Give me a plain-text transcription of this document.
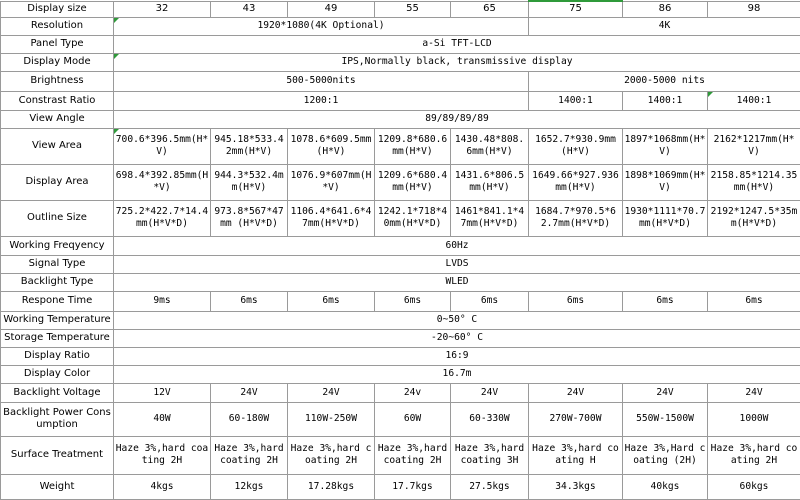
Display size	32	43	49	55	65	75	86	98
Resolution	1920*1080(4K Optional)					4K		
Panel Type	a-Si TFT-LCD							
Display Mode	IPS,Normally black, transmissive display							
Brightness	500-5000nits					2000-5000 nits		
Constrast Ratio	1200:1					1400:1	1400:1	1400:1
View Angle	89/89/89/89							
View Area	700.6*396.5mm(H*V)	945.18*533.42mm(H*V)	1078.6*609.5mm(H*V)	1209.8*680.6mm(H*V)	1430.48*808.6mm(H*V)	1652.7*930.9mm(H*V)	1897*1068mm(H*V)	2162*1217mm(H*V)
Display Area	698.4*392.85mm(H*V)	944.3*532.4mm(H*V)	1076.9*607mm(H*V)	1209.6*680.4mm(H*V)	1431.6*806.5mm(H*V)	1649.66*927.936mm(H*V)	1898*1069mm(H*V)	2158.85*1214.35mm(H*V)
Outline Size	725.2*422.7*14.4mm(H*V*D)	973.8*567*47mm (H*V*D)	1106.4*641.6*47mm(H*V*D)	1242.1*718*40mm(H*V*D)	1461*841.1*47mm(H*V*D)	1684.7*970.5*62.7mm(H*V*D)	1930*1111*70.7mm(H*V*D)	2192*1247.5*35mm(H*V*D)
Working Freqyency	60Hz							
Signal Type	LVDS							
Backlight Type	WLED							
Respone Time	9ms	6ms	6ms	6ms	6ms	6ms	6ms	6ms
Working Temperature	0~50° C							
Storage Temperature	-20~60° C							
Display Ratio	16:9							
Display Color	16.7m							
Backlight Voltage	12V	24V	24V	24v	24V	24V	24V	24V
Backlight Power Consumption	40W	60-180W	110W-250W	60W	60-330W	270W-700W	550W-1500W	1000W
Surface Treatment	Haze 3%,hard coating 2H	Haze 3%,hard coating 2H	Haze 3%,hard coating 2H	Haze 3%,hard coating 2H	Haze 3%,hard coating 3H	Haze 3%,hard coating H	Haze 3%,Hard coating (2H)	Haze 3%,hard coating 2H
Weight	4kgs	12kgs	17.28kgs	17.7kgs	27.5kgs	34.3kgs	40kgs	60kgs
